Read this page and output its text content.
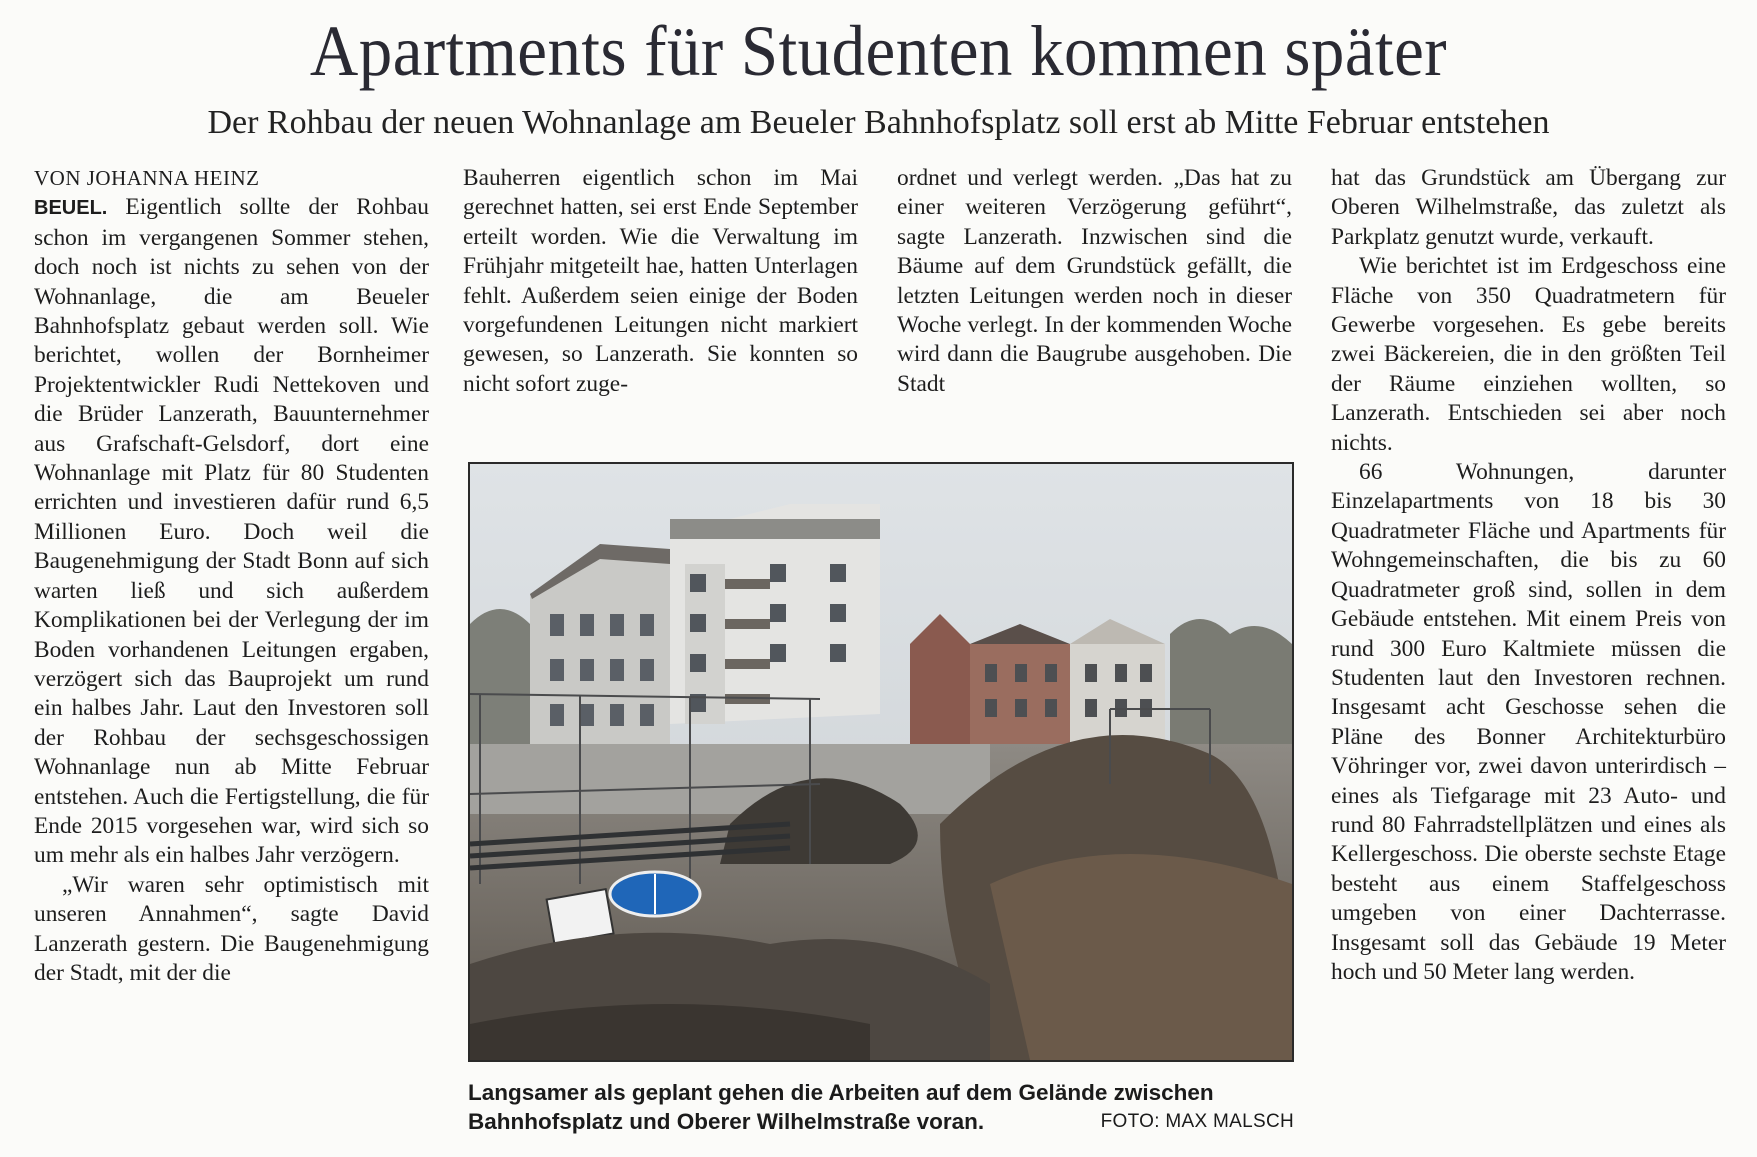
Apartments für Studenten kommen später
Der Rohbau der neuen Wohnanlage am Beueler Bahnhofsplatz soll erst ab Mitte Februar entstehen

VON JOHANNA HEINZ

BEUEL. Eigentlich sollte der Rohbau schon im vergangenen Sommer stehen, doch noch ist nichts zu sehen von der Wohnanlage, die am Beueler Bahnhofsplatz gebaut werden soll. Wie berichtet, wollen der Bornheimer Projektentwickler Rudi Nettekoven und die Brüder Lanzerath, Bauunternehmer aus Grafschaft-Gelsdorf, dort eine Wohnanlage mit Platz für 80 Studenten errichten und investieren dafür rund 6,5 Millionen Euro. Doch weil die Baugenehmigung der Stadt Bonn auf sich warten ließ und sich außerdem Komplikationen bei der Verlegung der im Boden vorhandenen Leitungen ergaben, verzögert sich das Bauprojekt um rund ein halbes Jahr. Laut den Investoren soll der Rohbau der sechsgeschossigen Wohnanlage nun ab Mitte Februar entstehen. Auch die Fertigstellung, die für Ende 2015 vorgesehen war, wird sich so um mehr als ein halbes Jahr verzögern.

„Wir waren sehr optimistisch mit unseren Annahmen“, sagte David Lanzerath gestern. Die Baugenehmigung der Stadt, mit der die

Bauherren eigentlich schon im Mai gerechnet hatten, sei erst Ende September erteilt worden. Wie die Verwaltung im Frühjahr mitgeteilt hae, hatten Unterlagen fehlt. Außerdem seien einige der Boden vorgefundenen Leitungen nicht markiert gewesen, so Lanzerath. Sie konnten so nicht sofort zuge-

ordnet und verlegt werden. „Das hat zu einer weiteren Verzögerung geführt“, sagte Lanzerath. Inzwischen sind die Bäume auf dem Grundstück gefällt, die letzten Leitungen werden noch in dieser Woche verlegt. In der kommenden Woche wird dann die Baugrube ausgehoben. Die Stadt

hat das Grundstück am Übergang zur Oberen Wilhelmstraße, das zuletzt als Parkplatz genutzt wurde, verkauft.

Wie berichtet ist im Erdgeschoss eine Fläche von 350 Quadratmetern für Gewerbe vorgesehen. Es gebe bereits zwei Bäckereien, die in den größten Teil der Räume einziehen wollten, so Lanzerath. Entschieden sei aber noch nichts.

66 Wohnungen, darunter Einzelapartments von 18 bis 30 Quadratmeter Fläche und Apartments für Wohngemeinschaften, die bis zu 60 Quadratmeter groß sind, sollen in dem Gebäude entstehen. Mit einem Preis von rund 300 Euro Kaltmiete müssen die Studenten laut den Investoren rechnen. Insgesamt acht Geschosse sehen die Pläne des Bonner Architekturbüro Vöhringer vor, zwei davon unterirdisch – eines als Tiefgarage mit 23 Auto- und rund 80 Fahrradstellplätzen und eines als Kellergeschoss. Die oberste sechste Etage besteht aus einem Staffelgeschoss umgeben von einer Dachterrasse. Insgesamt soll das Gebäude 19 Meter hoch und 50 Meter lang werden.

Langsamer als geplant gehen die Arbeiten auf dem Gelände zwischen Bahnhofsplatz und Oberer Wilhelmstraße voran.	FOTO: MAX MALSCH
